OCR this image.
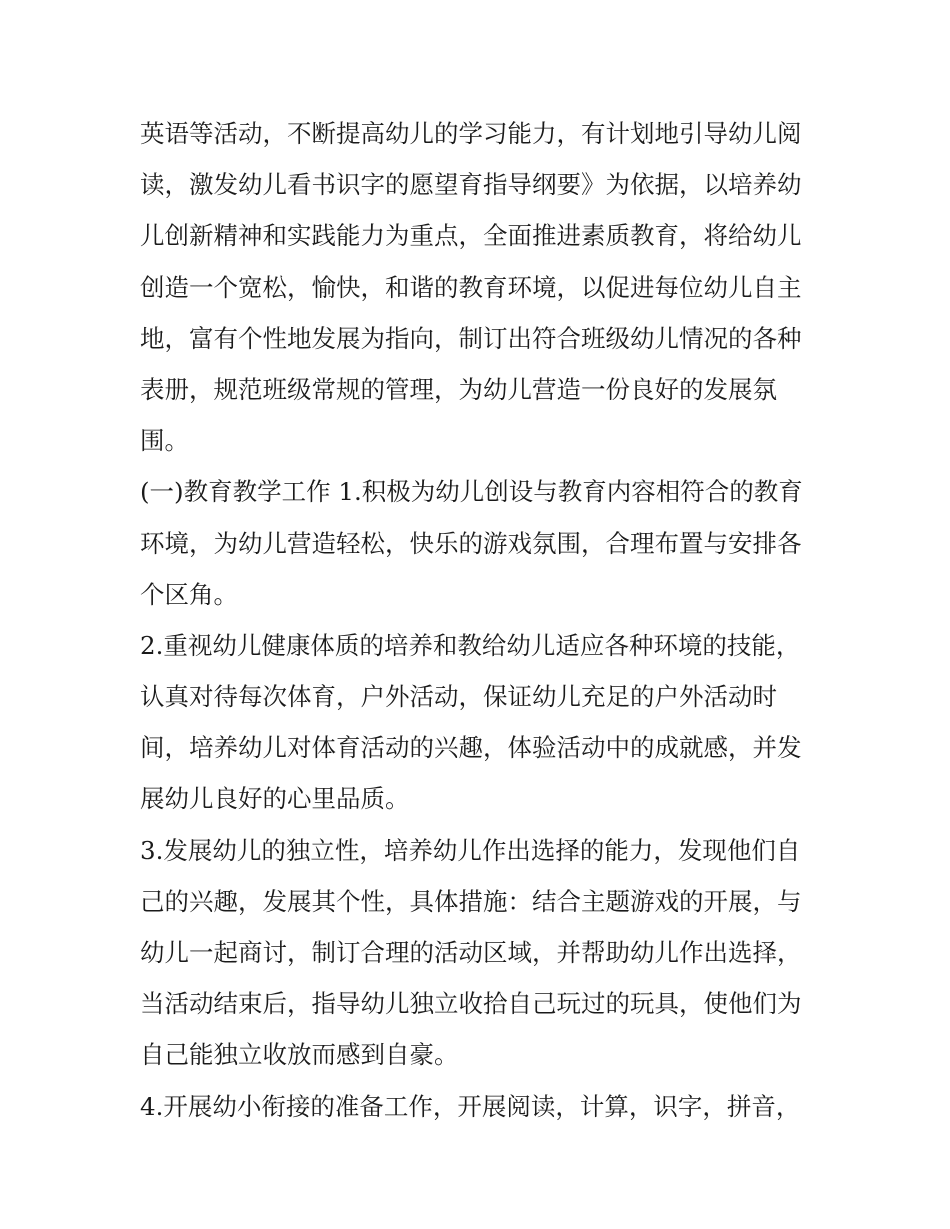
英语等活动，不断提高幼儿的学习能力，有计划地引导幼儿阅
读，激发幼儿看书识字的愿望育指导纲要》为依据，以培养幼
儿创新精神和实践能力为重点，全面推进素质教育，将给幼儿
创造一个宽松，愉快，和谐的教育环境，以促进每位幼儿自主
地，富有个性地发展为指向，制订出符合班级幼儿情况的各种
表册，规范班级常规的管理，为幼儿营造一份良好的发展氛
围。

(一)教育教学工作 1.积极为幼儿创设与教育内容相符合的教育
环境，为幼儿营造轻松，快乐的游戏氛围，合理布置与安排各
个区角。

2.重视幼儿健康体质的培养和教给幼儿适应各种环境的技能，
认真对待每次体育，户外活动，保证幼儿充足的户外活动时
间，培养幼儿对体育活动的兴趣，体验活动中的成就感，并发
展幼儿良好的心里品质。

3.发展幼儿的独立性，培养幼儿作出选择的能力，发现他们自
己的兴趣，发展其个性，具体措施：结合主题游戏的开展，与
幼儿一起商讨，制订合理的活动区域，并帮助幼儿作出选择，
当活动结束后，指导幼儿独立收拾自己玩过的玩具，使他们为
自己能独立收放而感到自豪。

4.开展幼小衔接的准备工作，开展阅读，计算，识字，拼音，
